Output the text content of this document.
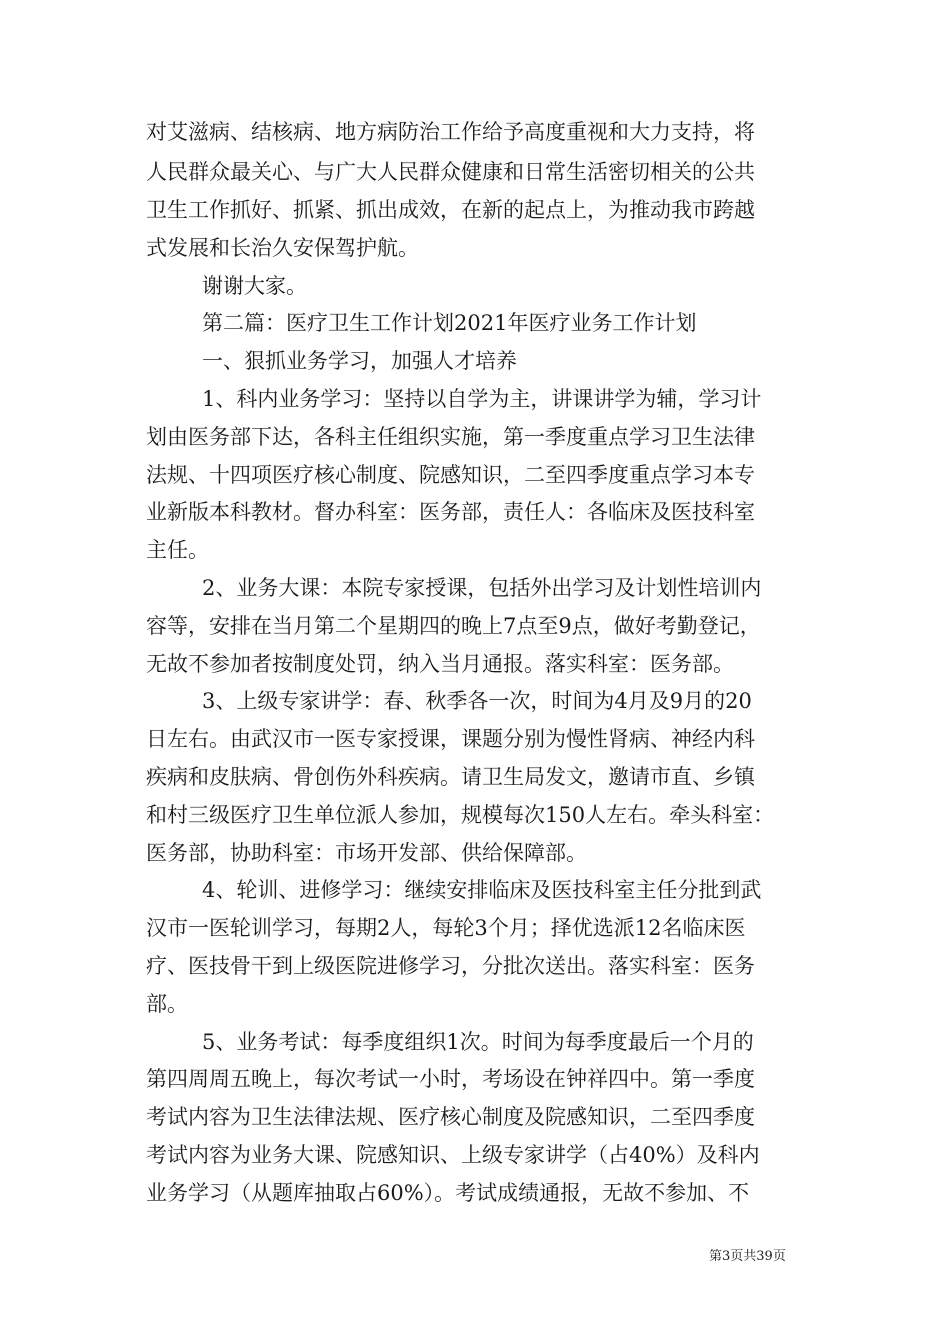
对艾滋病、结核病、地方病防治工作给予高度重视和大力支持，将
人民群众最关心、与广大人民群众健康和日常生活密切相关的公共
卫生工作抓好、抓紧、抓出成效，在新的起点上，为推动我市跨越
式发展和长治久安保驾护航。
谢谢大家。
第二篇：医疗卫生工作计划2021年医疗业务工作计划
一、狠抓业务学习，加强人才培养
1、科内业务学习：坚持以自学为主，讲课讲学为辅，学习计
划由医务部下达，各科主任组织实施，第一季度重点学习卫生法律
法规、十四项医疗核心制度、院感知识，二至四季度重点学习本专
业新版本科教材。督办科室：医务部，责任人：各临床及医技科室
主任。
2、业务大课：本院专家授课，包括外出学习及计划性培训内
容等，安排在当月第二个星期四的晚上7点至9点，做好考勤登记，
无故不参加者按制度处罚，纳入当月通报。落实科室：医务部。
3、上级专家讲学：春、秋季各一次，时间为4月及9月的20
日左右。由武汉市一医专家授课，课题分别为慢性肾病、神经内科
疾病和皮肤病、骨创伤外科疾病。请卫生局发文，邀请市直、乡镇
和村三级医疗卫生单位派人参加，规模每次150人左右。牵头科室：
医务部，协助科室：市场开发部、供给保障部。
4、轮训、进修学习：继续安排临床及医技科室主任分批到武
汉市一医轮训学习，每期2人，每轮3个月；择优选派12名临床医
疗、医技骨干到上级医院进修学习，分批次送出。落实科室：医务
部。
5、业务考试：每季度组织1次。时间为每季度最后一个月的
第四周周五晚上，每次考试一小时，考场设在钟祥四中。第一季度
考试内容为卫生法律法规、医疗核心制度及院感知识，二至四季度
考试内容为业务大课、院感知识、上级专家讲学（占40%）及科内
业务学习（从题库抽取占60%）。考试成绩通报，无故不参加、不
第3页共39页
